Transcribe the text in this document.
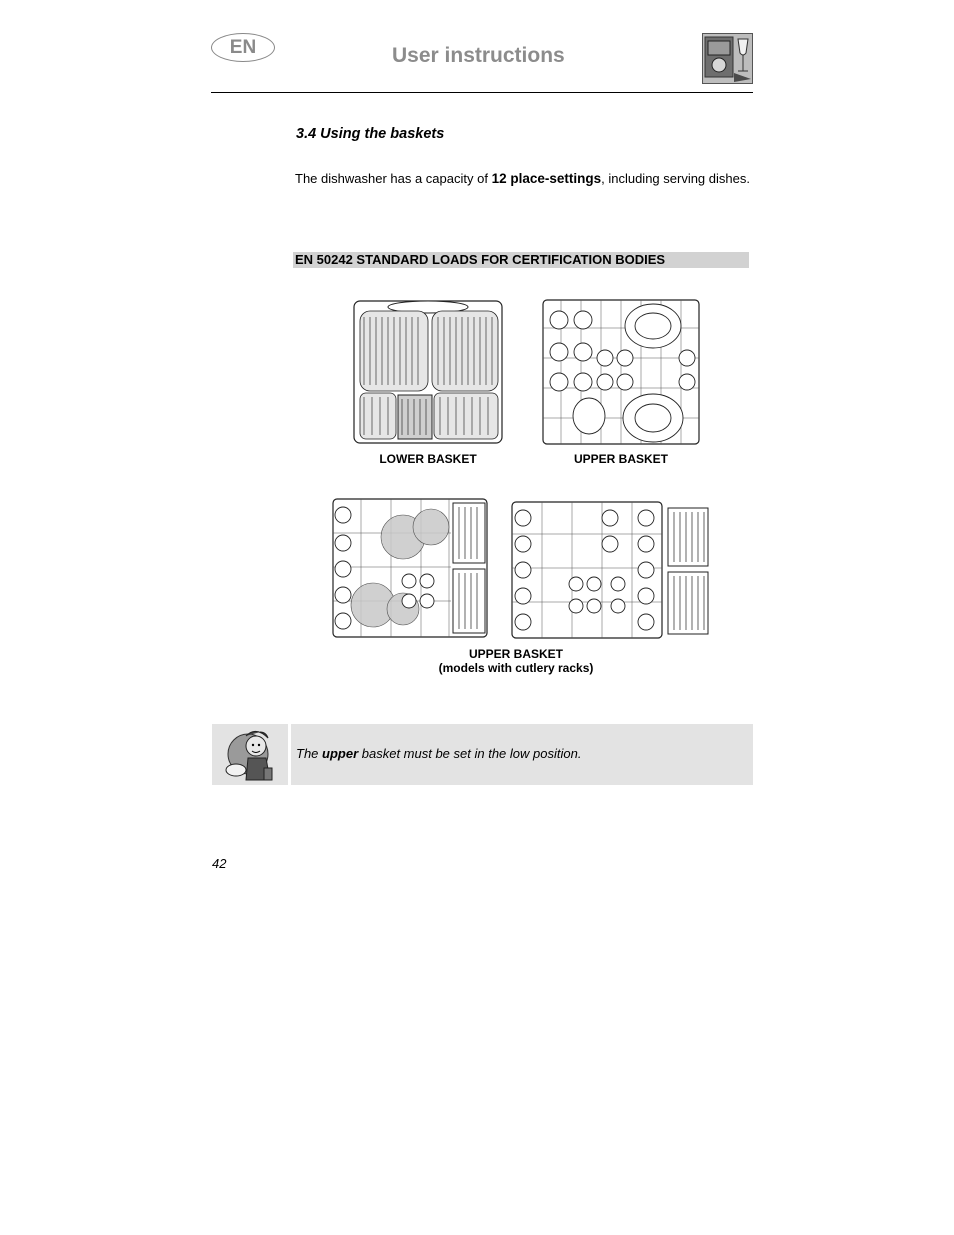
EN	User instructions
3.4 Using the baskets
The dishwasher has a capacity of 12 place-settings, including serving dishes.
EN 50242 STANDARD LOADS FOR CERTIFICATION BODIES
LOWER BASKET	UPPER BASKET
UPPER BASKET
(models with cutlery racks)
The upper basket must be set in the low position.
42
